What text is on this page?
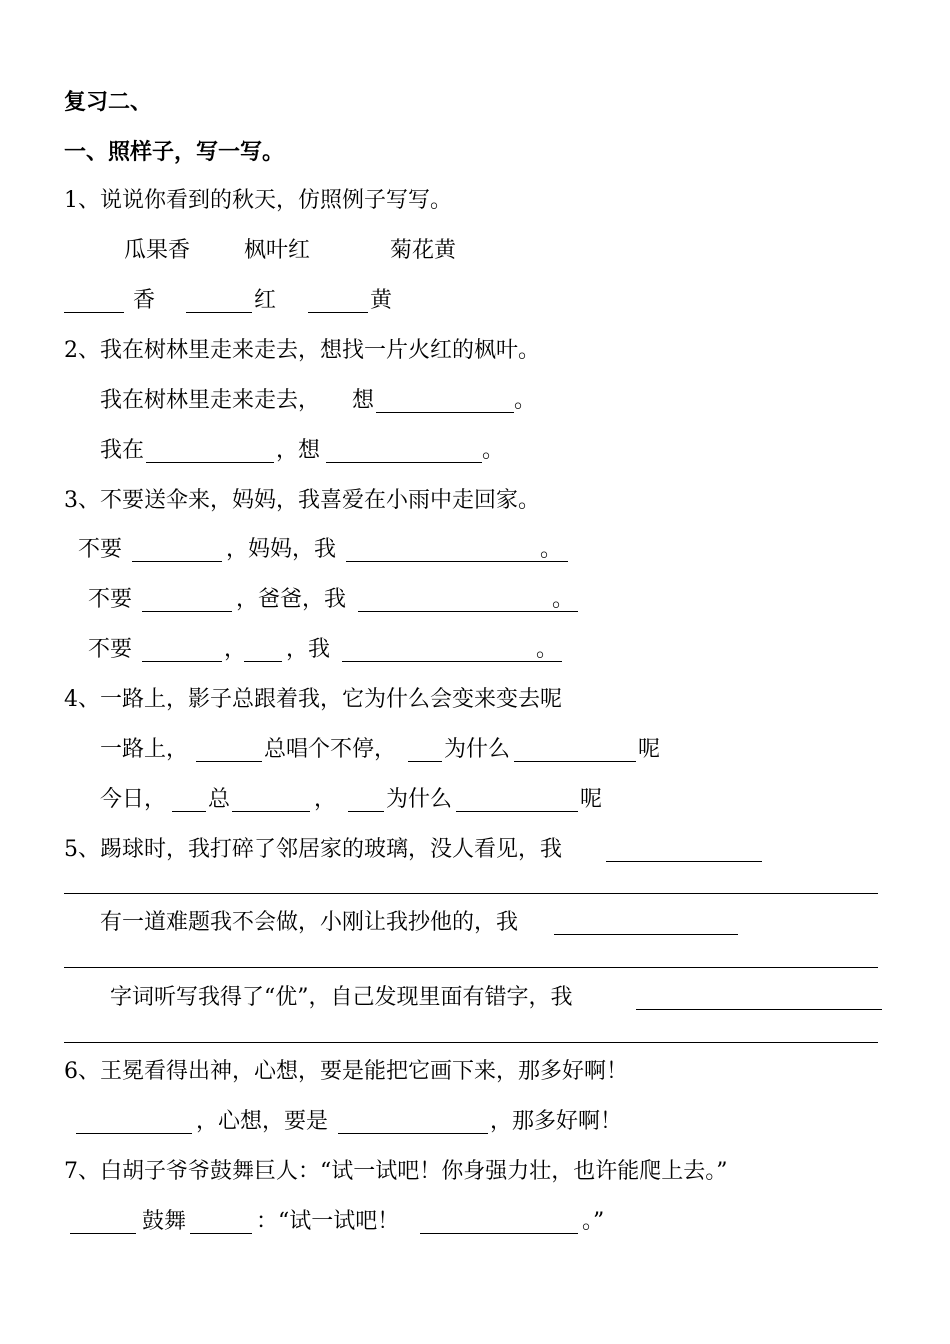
复习二、
一、照样子，写一写。
1、说说你看到的秋天，仿照例子写写。
瓜果香 枫叶红	菊花黄
香	红	黄
2、我在树林里走来走去，想找一片火红的枫叶。
我在树林里走来走去， 想	。
我在	，想	。
3、不要送伞来，妈妈，我喜爱在小雨中走回家。
不要	，妈妈，我	。
不要	，爸爸，我	。
不要	， ，我	。
4、一路上，影子总跟着我，它为什么会变来变去呢
一路上，	总唱个不停， 为什么	呢
今日， 总	， 为什么	呢
5、踢球时，我打碎了邻居家的玻璃，没人看见，我
有一道难题我不会做，小刚让我抄他的，我
字词听写我得了“优”，自己发现里面有错字，我
6、王冕看得出神，心想，要是能把它画下来，那多好啊！
，心想，要是	，那多好啊！
7、白胡子爷爷鼓舞巨人：“试一试吧！你身强力壮，也许能爬上去。”
鼓舞	：“试一试吧！	。”
